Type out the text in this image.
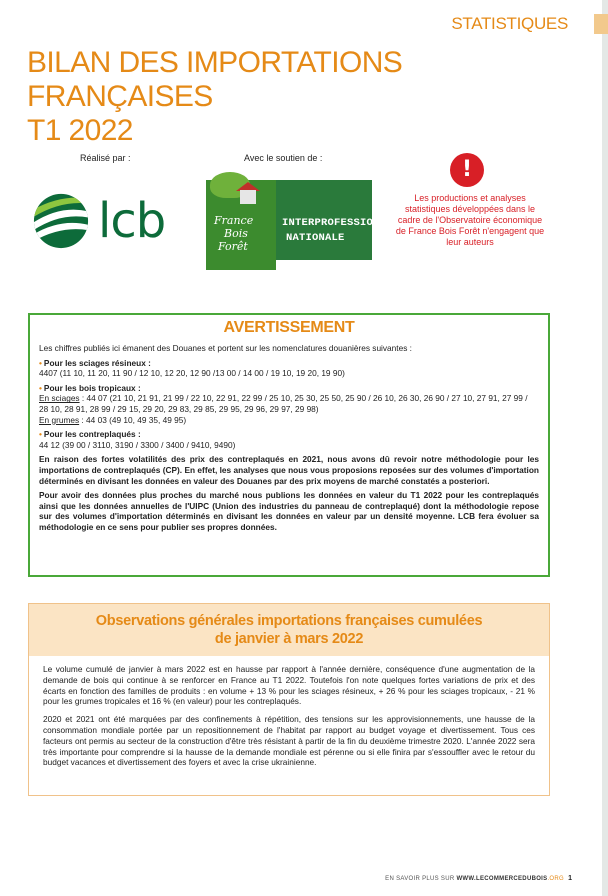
STATISTIQUES
BILAN DES IMPORTATIONS FRANÇAISES
T1 2022
Réalisé par :	Avec le soutien de :
lcb	France
Bois
Forêt
INTERPROFESSION
NATIONALE
!
Les productions et analyses statistiques développées dans le cadre de l'Observatoire économique de France Bois Forêt n'engagent que leur auteurs
AVERTISSEMENT

Les chiffres publiés ici émanent des Douanes et portent sur les nomenclatures douanières suivantes :

• Pour les sciages résineux :
4407 (11 10, 11 20, 11 90 / 12 10, 12 20, 12 90 /13 00 / 14 00 / 19 10, 19 20, 19 90)
• Pour les bois tropicaux :
En sciages : 44 07 (21 10, 21 91, 21 99 / 22 10, 22 91, 22 99 / 25 10, 25 30, 25 50, 25 90 / 26 10, 26 30, 26 90 / 27 10, 27 91, 27 99 / 28 10, 28 91, 28 99 / 29 15, 29 20, 29 83, 29 85, 29 95, 29 96, 29 97, 29 98)
En grumes : 44 03 (49 10, 49 35, 49 95)
• Pour les contreplaqués :
44 12 (39 00 / 3110, 3190 / 3300 / 3400 / 9410, 9490)

En raison des fortes volatilités des prix des contreplaqués en 2021, nous avons dû revoir notre méthodologie pour les importations de contreplaqués (CP). En effet, les analyses que nous vous proposions reposées sur des volumes d'importation déterminés en divisant les données en valeur des Douanes par des prix moyens de marché constatés a posteriori.

Pour avoir des données plus proches du marché nous publions les données en valeur du T1 2022 pour les contreplaqués ainsi que les données annuelles de l'UIPC (Union des industries du panneau de contreplaqué) dont la méthodologie repose sur des volumes d'importation déterminés en divisant les données en valeur par un densité moyenne. LCB fera évoluer sa méthodologie en ce sens pour publier ses propres données.

Observations générales importations françaises cumulées
de janvier à mars 2022

Le volume cumulé de janvier à mars 2022 est en hausse par rapport à l'année dernière, conséquence d'une augmentation de la demande de bois qui continue à se renforcer en France au T1 2022. Toutefois l'on note quelques fortes variations de prix et des écarts en fonction des familles de produits : en volume + 13 % pour les sciages résineux, + 26 % pour les sciages tropicaux, - 21 % pour les grumes tropicales et 16 % (en valeur) pour les contreplaqués.

2020 et 2021 ont été marquées par des confinements à répétition, des tensions sur les approvisionnements, une hausse de la consommation mondiale portée par un repositionnement de l'habitat par rapport au budget voyage et divertissement. Tous ces facteurs ont permis au secteur de la construction d'être très résistant à partir de la fin du deuxième trimestre 2020. L'année 2022 sera très importante pour comprendre si la hausse de la demande mondiale est pérenne ou si elle finira par s'essouffler avec le retour du budget vacances et divertissement des foyers et avec la crise ukrainienne.

EN SAVOIR PLUS SUR WWW.LECOMMERCEDUBOIS.ORG 1
